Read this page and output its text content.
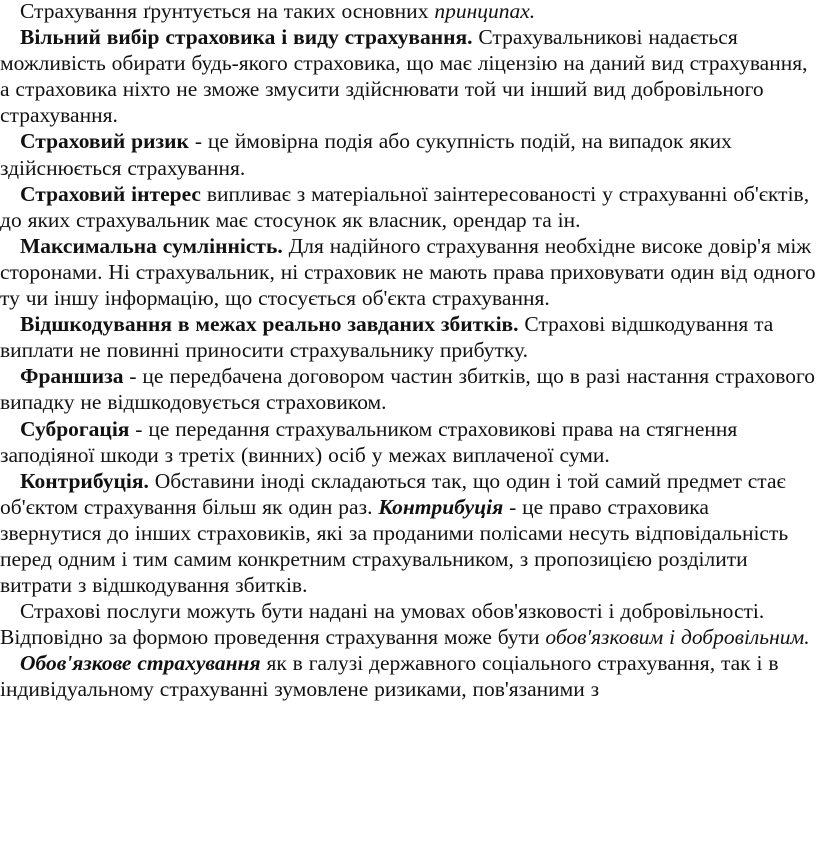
Страхування ґрунтується на таких основних принципах.

Вільний вибір страховика і виду страхування. Страхувальникові надається можливість обирати будь-якого страховика, що має ліцензію на даний вид страхування, а страховика ніхто не зможе змусити здійснювати той чи інший вид добровільного страхування.

Страховий ризик - це ймовірна подія або сукупність подій, на випадок яких здійснюється страхування.

Страховий інтерес випливає з матеріальної заінтересованості у страхуванні об'єктів, до яких страхувальник має стосунок як власник, орендар та ін.

Максимальна сумлінність. Для надійного страхування необхідне високе довір'я між сторонами. Ні страхувальник, ні страховик не мають права приховувати один від одного ту чи іншу інформацію, що стосується об'єкта страхування.

Відшкодування в межах реально завданих збитків. Страхові відшкодування та виплати не повинні приносити страхувальнику прибутку.

Франшиза - це передбачена договором частин збитків, що в разі настання страхового випадку не відшкодовується страховиком.

Суброгація - це передання страхувальником страховикові права на стягнення заподіяної шкоди з третіх (винних) осіб у межах виплаченої суми.

Контрибуція. Обставини іноді складаються так, що один і той самий предмет стає об'єктом страхування більш як один раз. Контрибуція - це право страховика звернутися до інших страховиків, які за проданими полісами несуть відповідальність перед одним і тим самим конкретним страхувальником, з пропозицією розділити витрати з відшкодування збитків.

Страхові послуги можуть бути надані на умовах обов'язковості і добровільності. Відповідно за формою проведення страхування може бути обов'язковим і добровільним.

Обов'язкове страхування як в галузі державного соціального страхування, так і в індивідуальному страхуванні зумовлене ризиками, пов'язаними з
